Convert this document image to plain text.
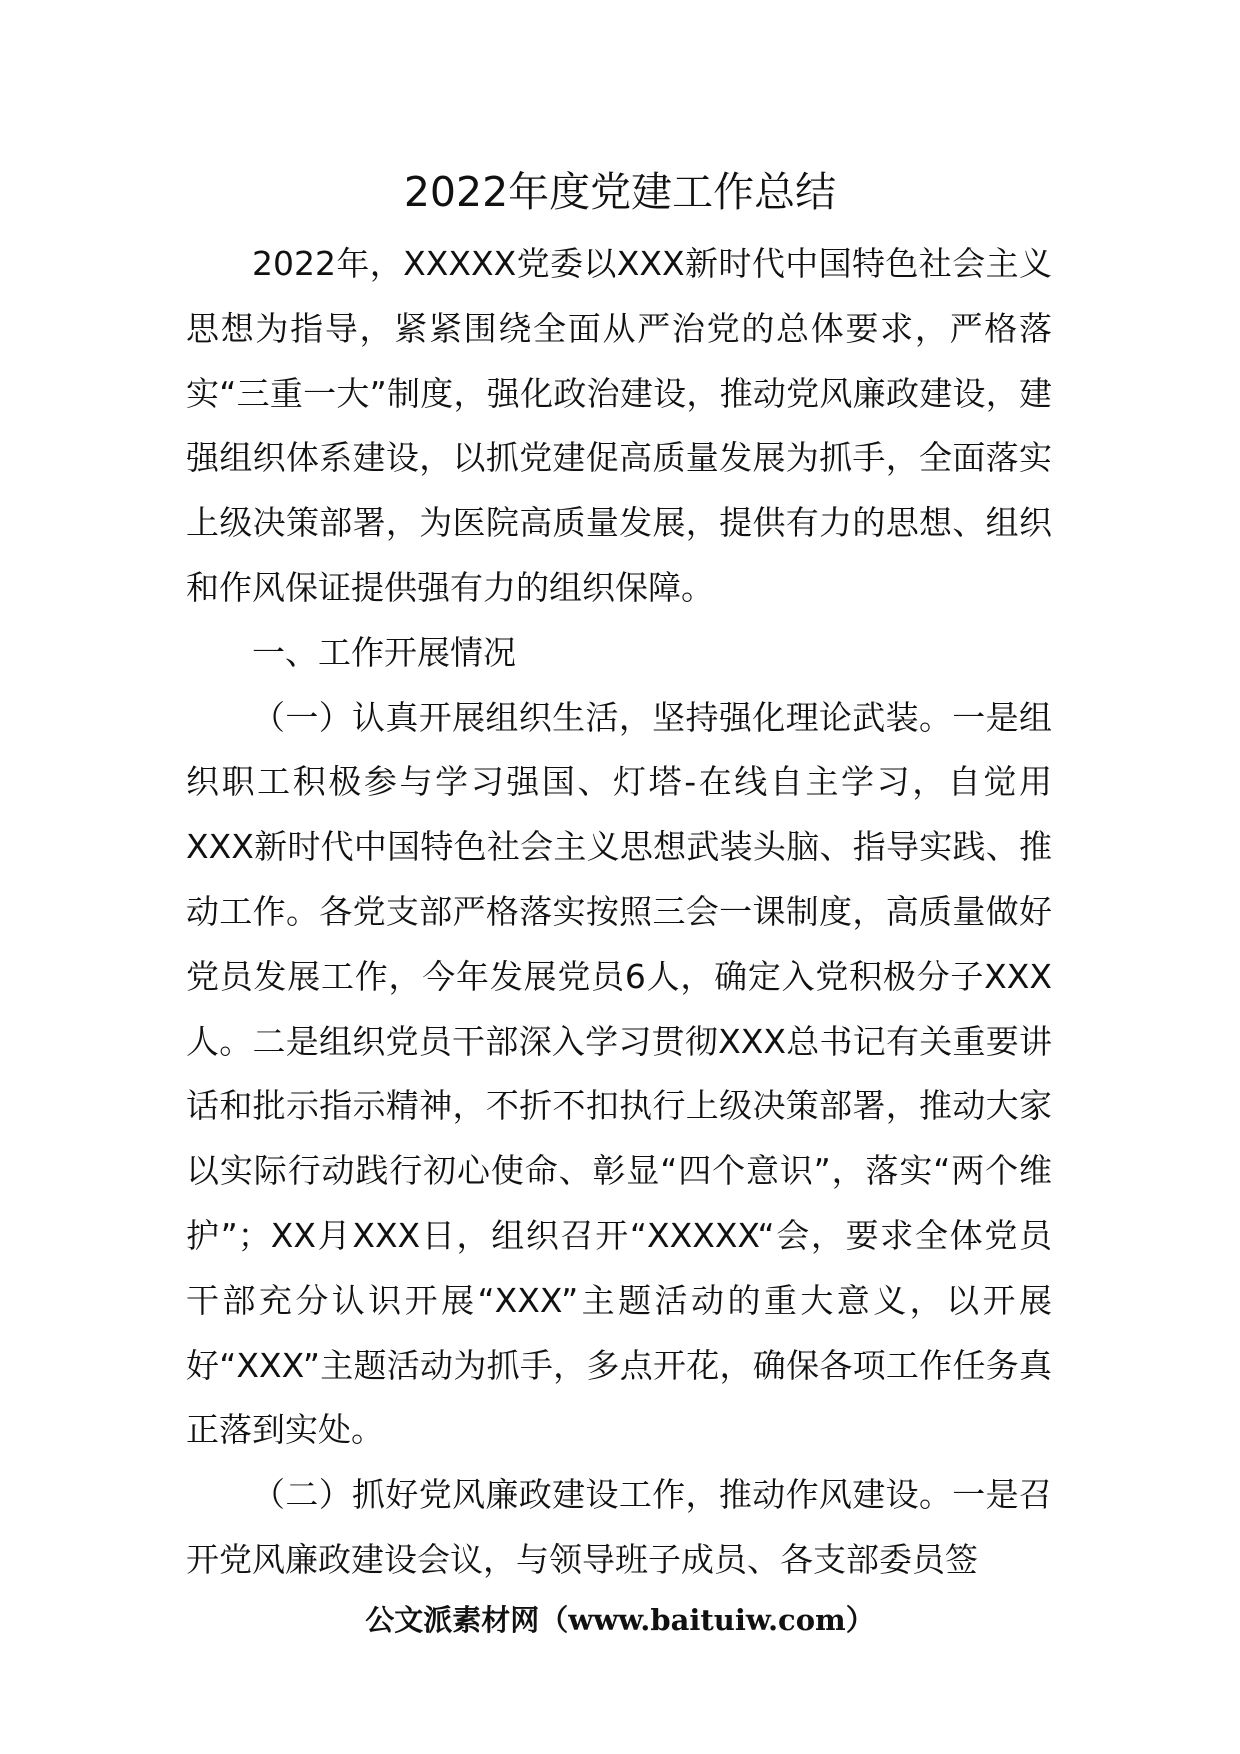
2022年度党建工作总结

2022年，XXXXX党委以XXX新时代中国特色社会主义思想为指导，紧紧围绕全面从严治党的总体要求，严格落实“三重一大”制度，强化政治建设，推动党风廉政建设，建强组织体系建设，以抓党建促高质量发展为抓手，全面落实上级决策部署，为医院高质量发展，提供有力的思想、组织和作风保证提供强有力的组织保障。

一、工作开展情况

（一）认真开展组织生活，坚持强化理论武装。一是组织职工积极参与学习强国、灯塔-在线自主学习，自觉用XXX新时代中国特色社会主义思想武装头脑、指导实践、推动工作。各党支部严格落实按照三会一课制度，高质量做好党员发展工作，今年发展党员6人，确定入党积极分子XXX人。二是组织党员干部深入学习贯彻XXX总书记有关重要讲话和批示指示精神，不折不扣执行上级决策部署，推动大家以实际行动践行初心使命、彰显“四个意识”，落实“两个维护”；XX月XXX日，组织召开“XXXXX“会，要求全体党员干部充分认识开展“XXX”主题活动的重大意义，以开展好“XXX”主题活动为抓手，多点开花，确保各项工作任务真正落到实处。

（二）抓好党风廉政建设工作，推动作风建设。一是召开党风廉政建设会议，与领导班子成员、各支部委员签

公文派素材网（www.baituiw.com）
